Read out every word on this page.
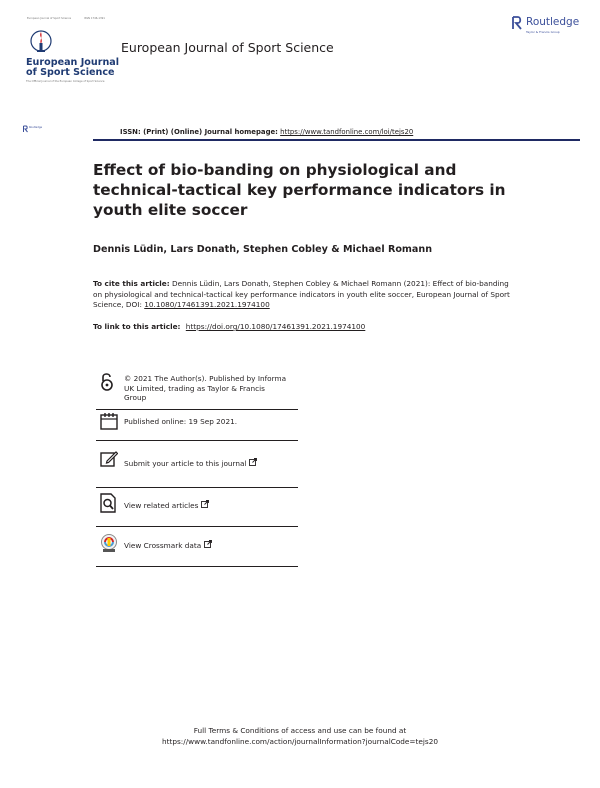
European Journal of Sport Science	ISSN 1746-1391
European Journal
of Sport Science
The Official Journal of the European College of Sport Science
European Journal of Sport Science
Routledge
Taylor & Francis Group
Routledge
ISSN: (Print) (Online) Journal homepage: https://www.tandfonline.com/loi/tejs20
Effect of bio-banding on physiological and technical-tactical key performance indicators in youth elite soccer
Dennis Lüdin, Lars Donath, Stephen Cobley & Michael Romann
To cite this article: Dennis Lüdin, Lars Donath, Stephen Cobley & Michael Romann (2021): Effect of bio-banding on physiological and technical-tactical key performance indicators in youth elite soccer, European Journal of Sport Science, DOI: 10.1080/17461391.2021.1974100
To link to this article: https://doi.org/10.1080/17461391.2021.1974100
© 2021 The Author(s). Published by Informa
UK Limited, trading as Taylor & Francis
Group
Published online: 19 Sep 2021.
Submit your article to this journal
View related articles
View Crossmark data
Full Terms & Conditions of access and use can be found at
https://www.tandfonline.com/action/journalInformation?journalCode=tejs20
